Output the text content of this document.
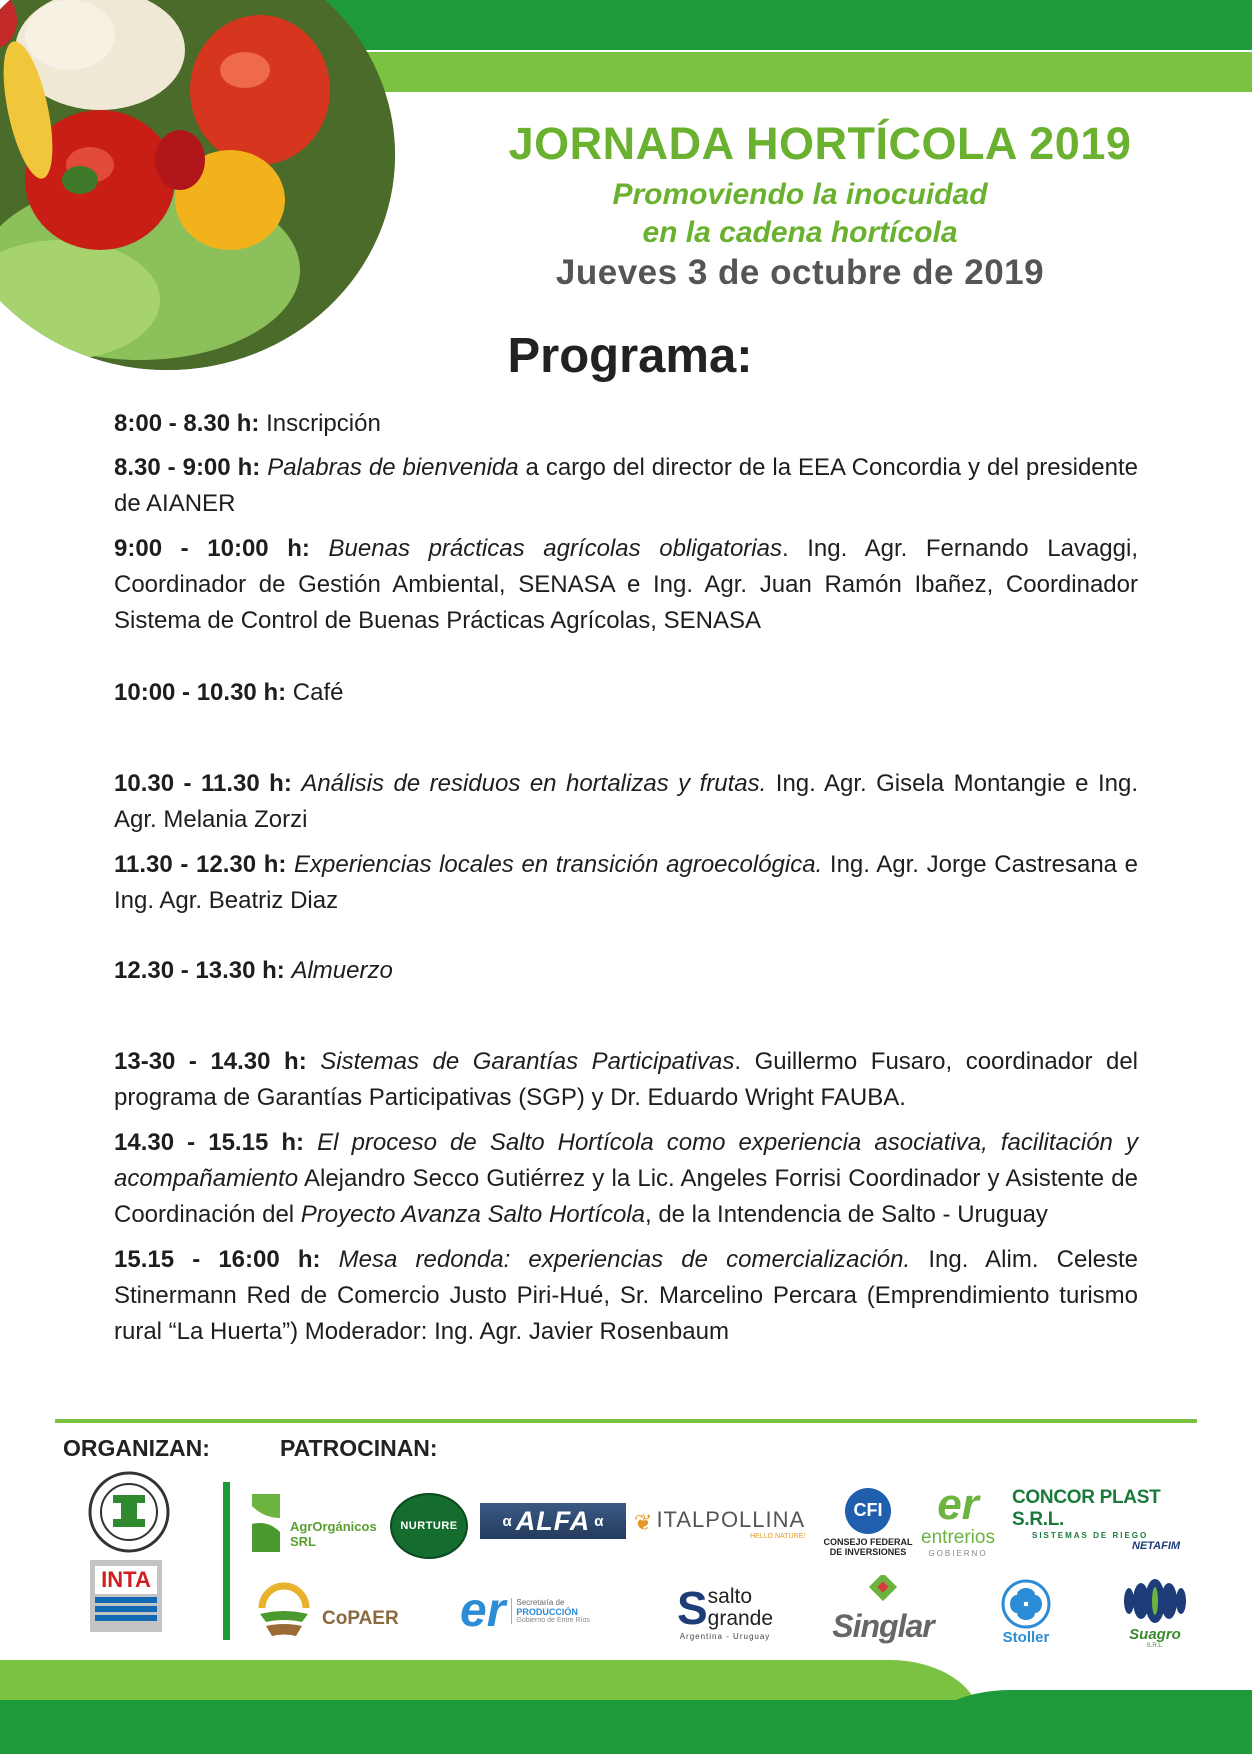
JORNADA HORTÍCOLA 2019
Promoviendo la inocuidad
en la cadena hortícola
Jueves 3 de octubre de 2019
Programa:

8:00 - 8.30 h: Inscripción

8.30 - 9:00 h: Palabras de bienvenida a cargo del director de la EEA Concordia y del presidente de AIANER

9:00 - 10:00 h: Buenas prácticas agrícolas obligatorias. Ing. Agr. Fernando Lavaggi, Coordinador de Gestión Ambiental, SENASA e Ing. Agr. Juan Ramón Ibañez, Coordinador Sistema de Control de Buenas Prácticas Agrícolas, SENASA

10:00 - 10.30 h: Café

10.30 - 11.30 h: Análisis de residuos en hortalizas y frutas. Ing. Agr. Gisela Montangie e Ing. Agr. Melania Zorzi

11.30 - 12.30 h: Experiencias locales en transición agroecológica. Ing. Agr. Jorge Castresana e Ing. Agr. Beatriz Diaz

12.30 - 13.30 h: Almuerzo

13-30 - 14.30 h: Sistemas de Garantías Participativas. Guillermo Fusaro, coordinador del programa de Garantías Participativas (SGP) y Dr. Eduardo Wright FAUBA.

14.30 - 15.15 h: El proceso de Salto Hortícola como experiencia asociativa, facilitación y acompañamiento Alejandro Secco Gutiérrez y la Lic. Angeles Forrisi Coordinador y Asistente de Coordinación del Proyecto Avanza Salto Hortícola, de la Intendencia de Salto - Uruguay

15.15 - 16:00 h: Mesa redonda: experiencias de comercialización. Ing. Alim. Celeste Stinermann Red de Comercio Justo Piri-Hué, Sr. Marcelino Percara (Emprendimiento turismo rural “La Huerta”) Moderador: Ing. Agr. Javier Rosenbaum

ORGANIZAN:	PATROCINAN:
INTA
AgrOrgánicos
SRL
NURTURE	α ALFA α ❦ ITALPOLLINA
HELLO NATURE!
CFI
CONSEJO FEDERAL
DE INVERSIONES
er
entrerios
GOBIERNO
CONCOR PLAST S.R.L.
SISTEMAS DE RIEGO
NETAFIM
CoPAER er Secretaría de
PRODUCCIÓN
Gobierno de Entre Ríos S salto
grande
Argentina - Uruguay Singlar	Stoller	Suagro
S.R.L.
